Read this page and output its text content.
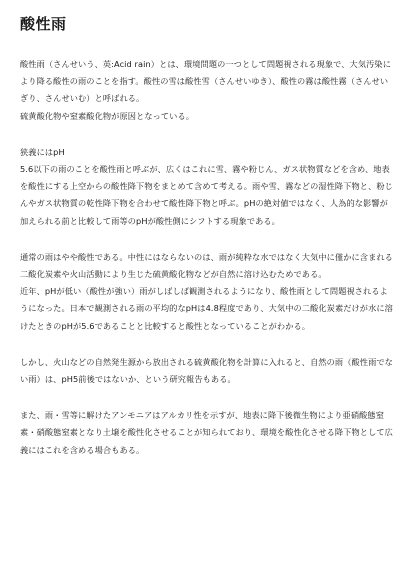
酸性雨

酸性雨（さんせいう、英:Acid rain）とは、環境問題の一つとして問題視される現象で、大気汚染により降る酸性の雨のことを指す。酸性の雪は酸性雪（さんせいゆき）、酸性の霧は酸性霧（さんせいぎり、さんせいむ）と呼ばれる。

硫黄酸化物や窒素酸化物が原因となっている。

狭義にはpH

5.6以下の雨のことを酸性雨と呼ぶが、広くはこれに雪、霧や粉じん、ガス状物質などを含め、地表を酸性にする上空からの酸性降下物をまとめて含めて考える。雨や雪、霧などの湿性降下物と、粉じんやガス状物質の乾性降下物を合わせて酸性降下物と呼ぶ。pHの絶対値ではなく、人為的な影響が加えられる前と比較して雨等のpHが酸性側にシフトする現象である。

通常の雨はやや酸性である。中性にはならないのは、雨が純粋な水ではなく大気中に僅かに含まれる二酸化炭素や火山活動により生じた硫黄酸化物などが自然に溶け込むためである。

近年、pHが低い（酸性が強い）雨がしばしば観測されるようになり、酸性雨として問題視されるようになった。日本で観測される雨の平均的なpHは4.8程度であり、大気中の二酸化炭素だけが水に溶けたときのpHが5.6であることと比較すると酸性となっていることがわかる。

しかし、火山などの自然発生源から放出される硫黄酸化物を計算に入れると、自然の雨（酸性雨でない雨）は、pH5前後ではないか、という研究報告もある。

また、雨・雪等に解けたアンモニアはアルカリ性を示すが、地表に降下後微生物により亜硝酸態窒素・硝酸態窒素となり土壌を酸性化させることが知られており、環境を酸性化させる降下物として広義にはこれを含める場合もある。
